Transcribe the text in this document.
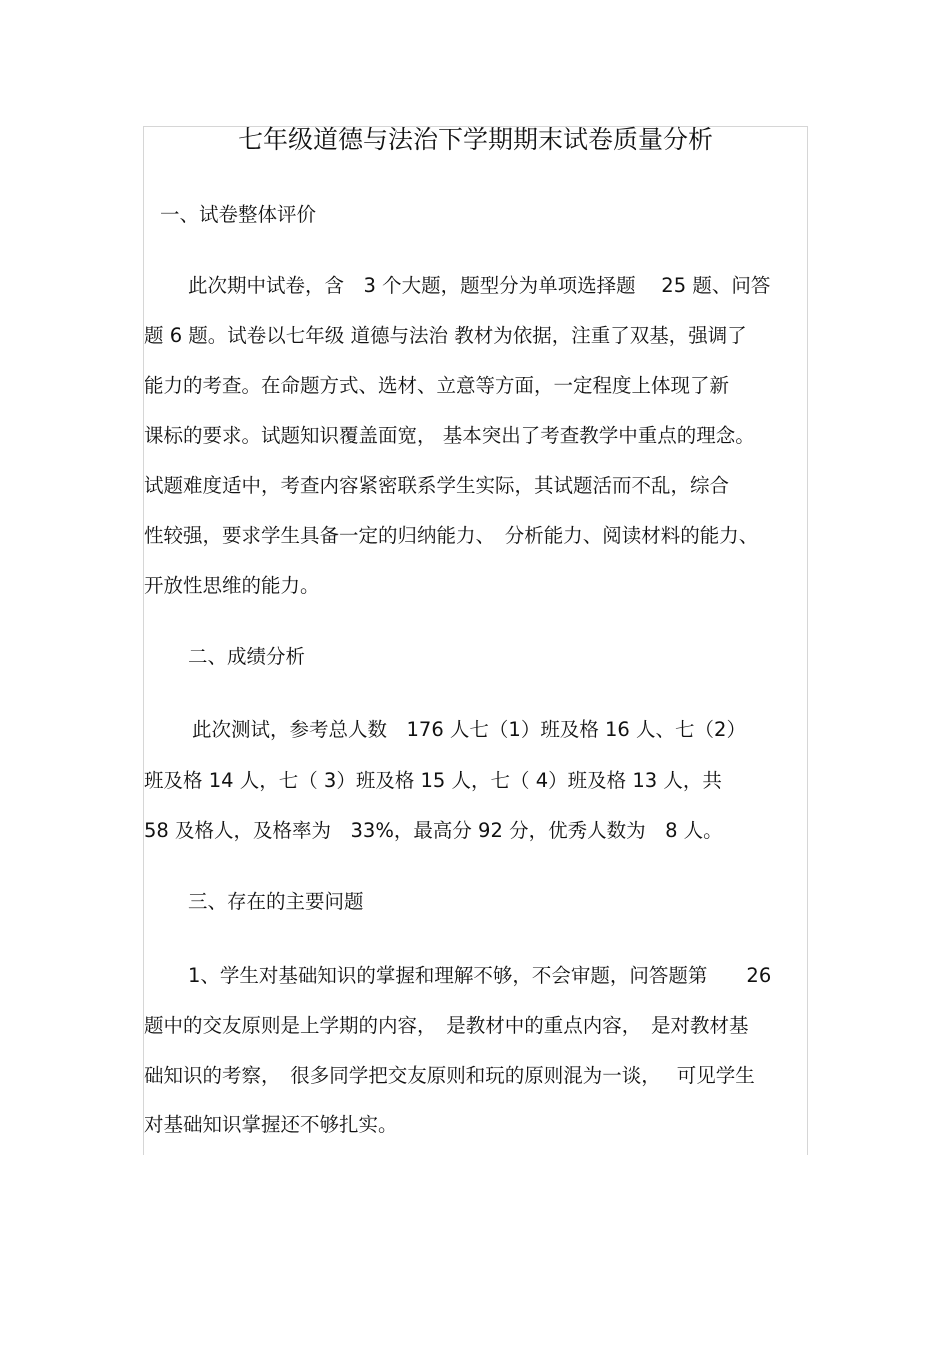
七年级道德与法治下学期期末试卷质量分析
一、试卷整体评价
此次期中试卷，含　3 个大题，题型分为单项选择题　 25 题、问答
题 6 题。试卷以七年级 道德与法治 教材为依据，注重了双基，强调了
能力的考查。在命题方式、选材、立意等方面，一定程度上体现了新
课标的要求。试题知识覆盖面宽， 基本突出了考查教学中重点的理念。
试题难度适中，考查内容紧密联系学生实际，其试题活而不乱，综合
性较强，要求学生具备一定的归纳能力、　分析能力、阅读材料的能力、
开放性思维的能力。
二、成绩分析
此次测试，参考总人数　176 人七（1）班及格 16 人、七（2）
班及格 14 人，七（ 3）班及格 15 人，七（ 4）班及格 13 人，共
58 及格人，及格率为　33%，最高分 92 分，优秀人数为　8 人。
三、存在的主要问题
1、学生对基础知识的掌握和理解不够，不会审题，问答题第　　26
题中的交友原则是上学期的内容，　是教材中的重点内容，　是对教材基
础知识的考察，　很多同学把交友原则和玩的原则混为一谈，　 可见学生
对基础知识掌握还不够扎实。
